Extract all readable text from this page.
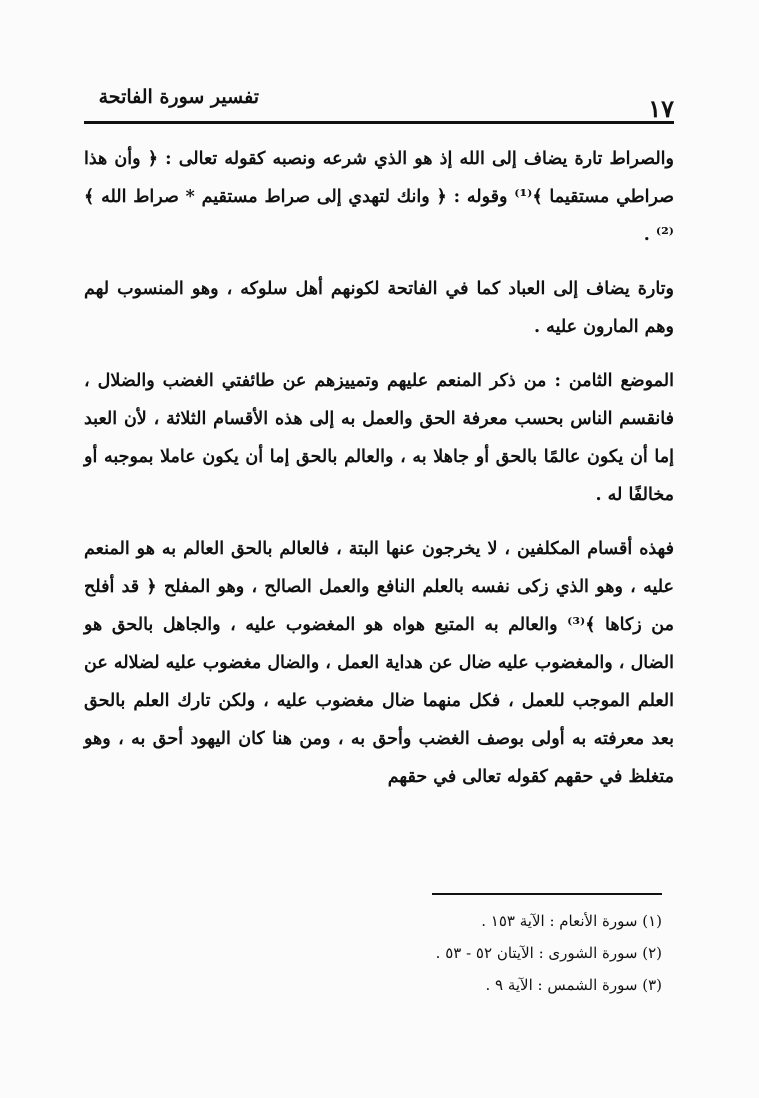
تفسير سورة الفاتحة	١٧

والصراط تارة يضاف إلى الله إذ هو الذي شرعه ونصبه كقوله تعالى : ﴿ وأن هذا صراطي مستقيما ﴾⁽¹⁾ وقوله : ﴿ وانك لتهدي إلى صراط مستقيم * صراط الله ﴾⁽²⁾ .

وتارة يضاف إلى العباد كما في الفاتحة لكونهم أهل سلوكه ، وهو المنسوب لهم وهم المارون عليه .

الموضع الثامن : من ذكر المنعم عليهم وتمييزهم عن طائفتي الغضب والضلال ، فانقسم الناس بحسب معرفة الحق والعمل به إلى هذه الأقسام الثلاثة ، لأن العبد إما أن يكون عالمًا بالحق أو جاهلا به ، والعالم بالحق إما أن يكون عاملا بموجبه أو مخالفًا له .

فهذه أقسام المكلفين ، لا يخرجون عنها البتة ، فالعالم بالحق العالم به هو المنعم عليه ، وهو الذي زكى نفسه بالعلم النافع والعمل الصالح ، وهو المفلح ﴿ قد أفلح من زكاها ﴾⁽³⁾ والعالم به المتبع هواه هو المغضوب عليه ، والجاهل بالحق هو الضال ، والمغضوب عليه ضال عن هداية العمل ، والضال مغضوب عليه لضلاله عن العلم الموجب للعمل ، فكل منهما ضال مغضوب عليه ، ولكن تارك العلم بالحق بعد معرفته به أولى بوصف الغضب وأحق به ، ومن هنا كان اليهود أحق به ، وهو متغلظ في حقهم كقوله تعالى في حقهم

(١) سورة الأنعام : الآية ١٥٣ .
(٢) سورة الشورى : الآيتان ٥٢ - ٥٣ .
(٣) سورة الشمس : الآية ٩ .
